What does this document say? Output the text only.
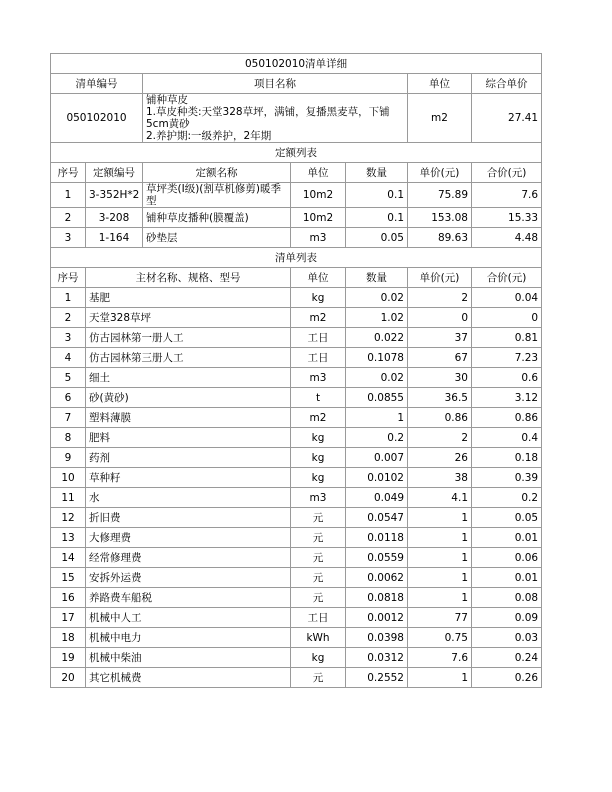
050102010清单详细						
清单编号		项目名称			单位	综合单价
050102010		铺种草皮
1.草皮种类:天堂328草坪，满铺，复播黑麦草，下铺5cm黄砂
2.养护期:一级养护，2年期			m2	27.41
定额列表						
序号	定额编号	定额名称	单位	数量	单价(元)	合价(元)
1	3-352H*2	草坪类(I级)(割草机修剪)暖季型	10m2	0.1	75.89	7.6
2	3-208	铺种草皮播种(膜覆盖)	10m2	0.1	153.08	15.33
3	1-164	砂垫层	m3	0.05	89.63	4.48
清单列表						
序号	主材名称、规格、型号		单位	数量	单价(元)	合价(元)
1	基肥		kg	0.02	2	0.04
2	天堂328草坪		m2	1.02	0	0
3	仿古园林第一册人工		工日	0.022	37	0.81
4	仿古园林第三册人工		工日	0.1078	67	7.23
5	细土		m3	0.02	30	0.6
6	砂(黄砂)		t	0.0855	36.5	3.12
7	塑料薄膜		m2	1	0.86	0.86
8	肥料		kg	0.2	2	0.4
9	药剂		kg	0.007	26	0.18
10	草种籽		kg	0.0102	38	0.39
11	水		m3	0.049	4.1	0.2
12	折旧费		元	0.0547	1	0.05
13	大修理费		元	0.0118	1	0.01
14	经常修理费		元	0.0559	1	0.06
15	安拆外运费		元	0.0062	1	0.01
16	养路费车船税		元	0.0818	1	0.08
17	机械中人工		工日	0.0012	77	0.09
18	机械中电力		kWh	0.0398	0.75	0.03
19	机械中柴油		kg	0.0312	7.6	0.24
20	其它机械费		元	0.2552	1	0.26
